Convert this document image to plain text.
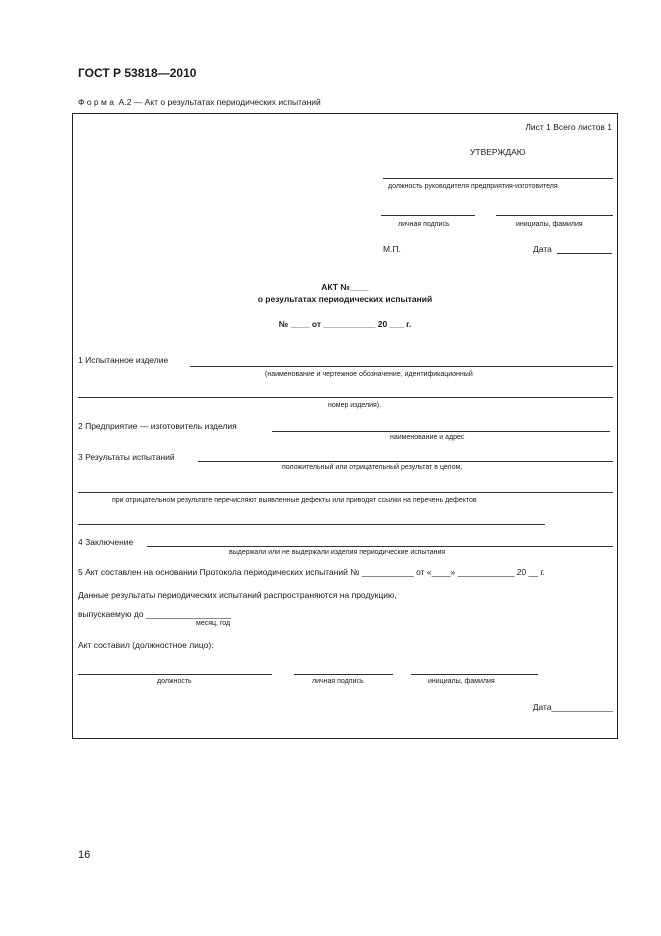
ГОСТ Р 53818—2010
Ф о р м а А.2 — Акт о результатах периодических испытаний
Лист 1 Всего листов 1
УТВЕРЖДАЮ
должность руководителя предприятия-изготовителя
личная подпись	инициалы, фамилия
М.П.	Дата
АКТ №____
о результатах периодических испытаний
№ ____ от ___________ 20 ___ г.
1 Испытанное изделие
(наименование и чертежное обозначение, идентификационный
номер изделия).
2 Предприятие — изготовитель изделия
наименование и адрес
3 Результаты испытаний
положительный или отрицательный результат в целом,
при отрицательном результате перечисляют выявленные дефекты или приводят ссылки на перечень дефектов
4 Заключение
выдержали или не выдержали изделия периодические испытания
5 Акт составлен на основании Протокола периодических испытаний № ___________ от «____» ____________ 20 __ г.
Данные результаты периодических испытаний распространяются на продукцию,
выпускаемую до __________________
месяц, год
Акт составил (должностное лицо):
должность	личная подпись	инициалы, фамилия
Дата_____________
16
